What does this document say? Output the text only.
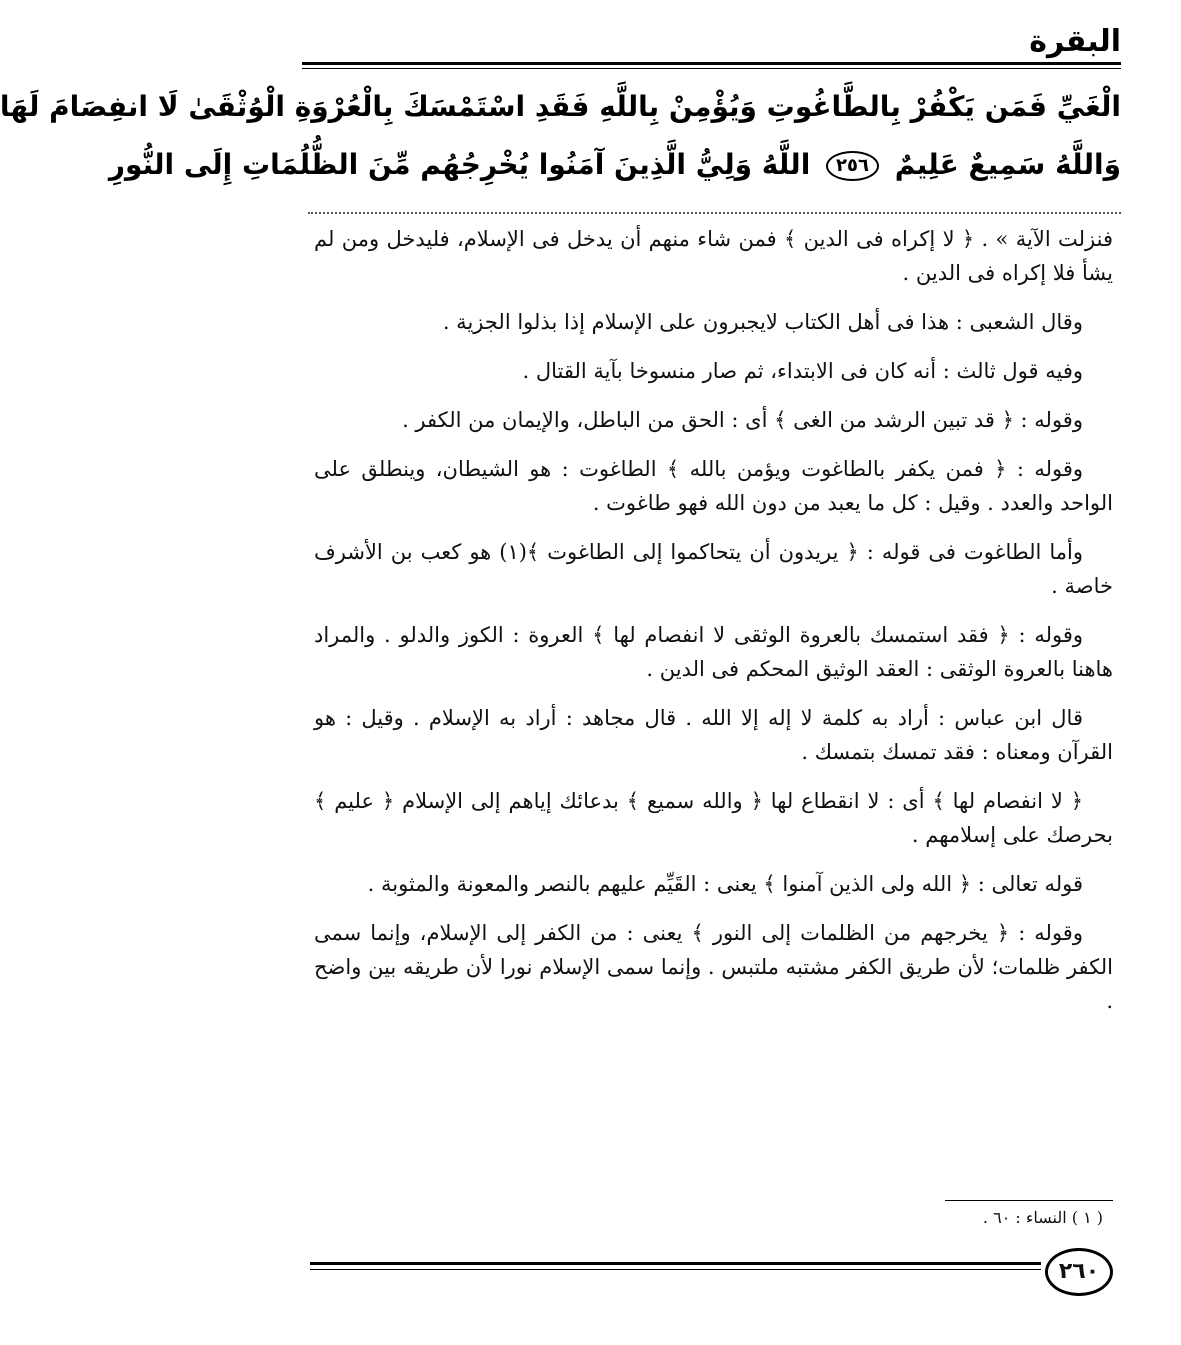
البقرة
الْغَيِّ فَمَن يَكْفُرْ بِالطَّاغُوتِ وَيُؤْمِنْ بِاللَّهِ فَقَدِ اسْتَمْسَكَ بِالْعُرْوَةِ الْوُثْقَىٰ لَا انفِصَامَ لَهَا
وَاللَّهُ سَمِيعٌ عَلِيمٌ ٢٥٦ اللَّهُ وَلِيُّ الَّذِينَ آمَنُوا يُخْرِجُهُم مِّنَ الظُّلُمَاتِ إِلَى النُّورِ

فنزلت الآية » . ﴿ لا إكراه فى الدين ﴾ فمن شاء منهم أن يدخل فى الإسلام، فليدخل ومن لم يشأ فلا إكراه فى الدين .

وقال الشعبى : هذا فى أهل الكتاب لايجبرون على الإسلام إذا بذلوا الجزية .

وفيه قول ثالث : أنه كان فى الابتداء، ثم صار منسوخا بآية القتال .

وقوله : ﴿ قد تبين الرشد من الغى ﴾ أى : الحق من الباطل، والإيمان من الكفر .

وقوله : ﴿ فمن يكفر بالطاغوت ويؤمن بالله ﴾ الطاغوت : هو الشيطان، وينطلق على الواحد والعدد . وقيل : كل ما يعبد من دون الله فهو طاغوت .

وأما الطاغوت فى قوله : ﴿ يريدون أن يتحاكموا إلى الطاغوت ﴾(١) هو كعب بن الأشرف خاصة .

وقوله : ﴿ فقد استمسك بالعروة الوثقى لا انفصام لها ﴾ العروة : الكوز والدلو . والمراد هاهنا بالعروة الوثقى : العقد الوثيق المحكم فى الدين .

قال ابن عباس : أراد به كلمة لا إله إلا الله . قال مجاهد : أراد به الإسلام . وقيل : هو القرآن ومعناه : فقد تمسك بتمسك .

﴿ لا انفصام لها ﴾ أى : لا انقطاع لها ﴿ والله سميع ﴾ بدعائك إياهم إلى الإسلام ﴿ عليم ﴾ بحرصك على إسلامهم .

قوله تعالى : ﴿ الله ولى الذين آمنوا ﴾ يعنى : القَيِّم عليهم بالنصر والمعونة والمثوبة .

وقوله : ﴿ يخرجهم من الظلمات إلى النور ﴾ يعنى : من الكفر إلى الإسلام، وإنما سمى الكفر ظلمات؛ لأن طريق الكفر مشتبه ملتبس . وإنما سمى الإسلام نورا لأن طريقه بين واضح .

( ١ ) النساء : ٦٠ .
٢٦٠
